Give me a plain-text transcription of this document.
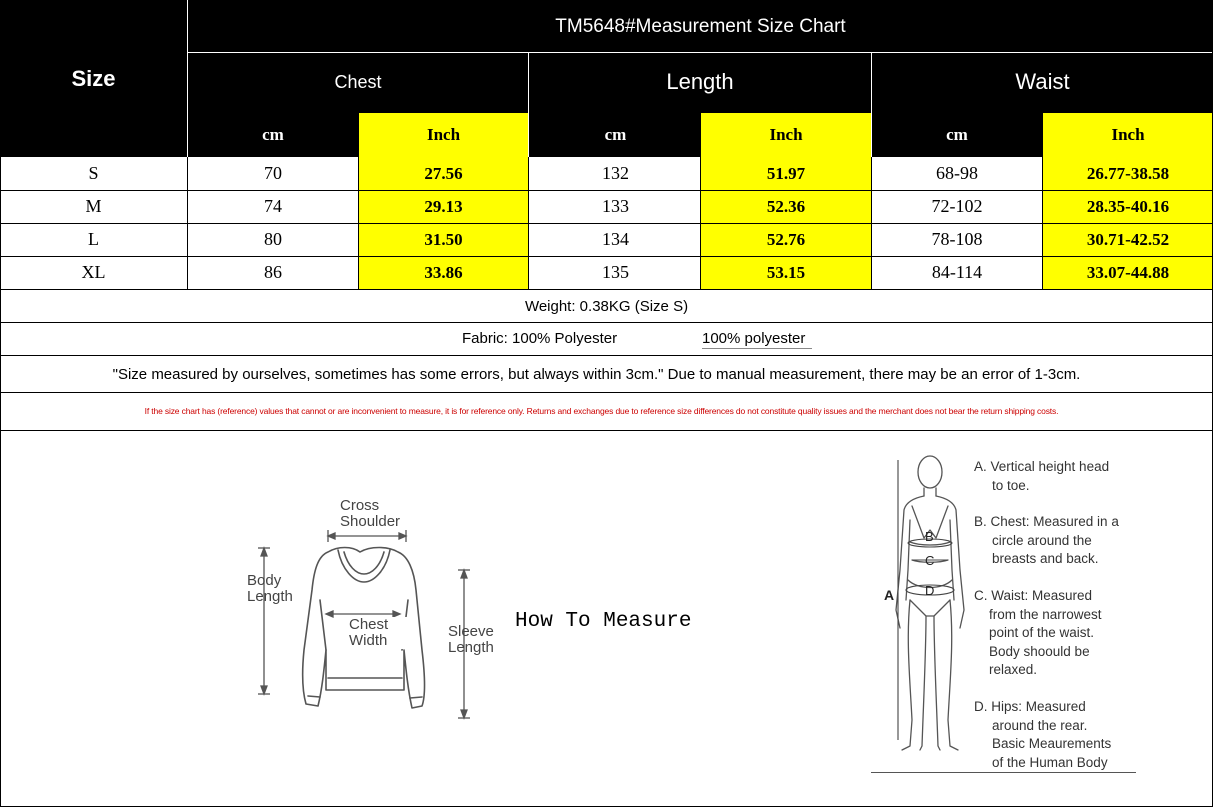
TM5648#Measurement Size Chart
Size	Chest	Length	Waist
cm	Inch	cm	Inch	cm	Inch
S	70	27.56	132	51.97	68-98	26.77-38.58
M	74	29.13	133	52.36	72-102	28.35-40.16
L	80	31.50	134	52.76	78-108	30.71-42.52
XL	86	33.86	135	53.15	84-114	33.07-44.88
Weight: 0.38KG (Size S)
Fabric: 100% Polyester	100% polyester
"Size measured by ourselves, sometimes has some errors, but always within 3cm." Due to manual measurement, there may be an error of 1-3cm.
If the size chart has (reference) values that cannot or are inconvenient to measure, it is for reference only. Returns and exchanges due to reference size differences do not constitute quality issues and the merchant does not bear the return shipping costs.
Cross
Shoulder
Body
Length
Chest
Width
Sleeve
Length
How To Measure
A
B
C
D
A. Vertical height head
to toe.
B. Chest: Measured in a
circle around the
breasts and back.
C. Waist: Measured
from the narrowest
point of the waist.
Body shoould be
relaxed.
D. Hips: Measured
around the rear.
Basic Meaurements
of the Human Body
